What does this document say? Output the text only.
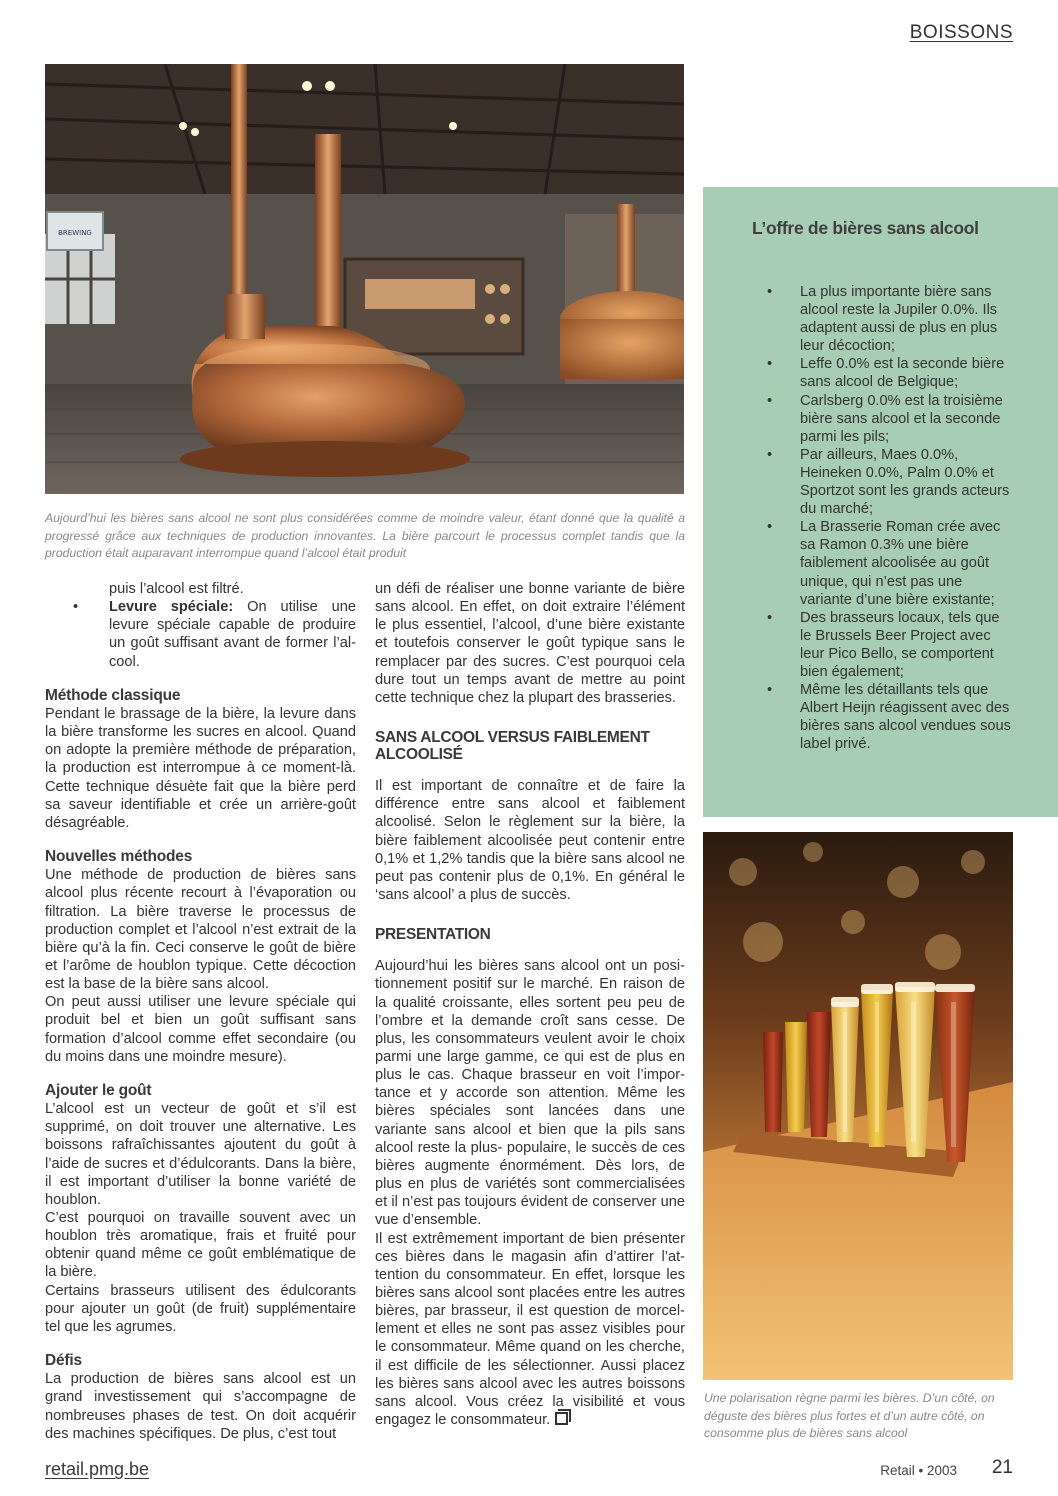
BOISSONS
BREWING
Aujourd’hui les bières sans alcool ne sont plus considérées comme de moindre valeur, étant donné que la qualité a progressé grâce aux techniques de production innovantes. La bière parcourt le processus complet tandis que la production était auparavant interrompue quand l’alcool était produit
puis l’alcool est filtré.
• Levure spéciale: On utilise une levure spéciale capable de produire un goût suffisant avant de former l’alcool.
Méthode classique

Pendant le brassage de la bière, la levure dans la bière transforme les sucres en alcool. Quand on adopte la première méthode de préparation, la production est interrompue à ce moment-là. Cette technique désuète fait que la bière perd sa saveur identifiable et crée un arrière-goût désagréable.

Nouvelles méthodes

Une méthode de production de bières sans alcool plus récente recourt à l’évaporation ou filtration. La bière traverse le processus de production complet et l’alcool n’est extrait de la bière qu’à la fin. Ceci conserve le goût de bière et l’arôme de houblon typique. Cette décoction est la base de la bière sans alcool.

On peut aussi utiliser une levure spéciale qui produit bel et bien un goût suffisant sans formation d’alcool comme effet secondaire (ou du moins dans une moindre mesure).

Ajouter le goût

L’alcool est un vecteur de goût et s’il est supprimé, on doit trouver une alternative. Les boissons rafraîchissantes ajoutent du goût à l’aide de sucres et d’édulcorants. Dans la bière, il est important d’utiliser la bonne variété de houblon.

C’est pourquoi on travaille souvent avec un houblon très aromatique, frais et fruité pour obtenir quand même ce goût emblématique de la bière.

Certains brasseurs utilisent des édulcorants pour ajouter un goût (de fruit) supplémentaire tel que les agrumes.

Défis

La production de bières sans alcool est un grand investissement qui s’accompagne de nombreuses phases de test. On doit acquérir des machines spécifiques. De plus, c’est tout

un défi de réaliser une bonne variante de bière sans alcool. En effet, on doit extraire l’élément le plus essentiel, l’alcool, d’une bière existante et toutefois conserver le goût typique sans le remplacer par des sucres. C’est pourquoi cela dure tout un temps avant de mettre au point cette technique chez la plupart des brasseries.

SANS ALCOOL VERSUS FAIBLEMENT ALCOOLISÉ

Il est important de connaître et de faire la différence entre sans alcool et faiblement alcoolisé. Selon le règlement sur la bière, la bière faiblement alcoolisée peut contenir entre 0,1% et 1,2% tandis que la bière sans alcool ne peut pas contenir plus de 0,1%. En général le ‘sans alcool’ a plus de succès.

PRESENTATION

Aujourd’hui les bières sans alcool ont un positionnement positif sur le marché. En raison de la qualité croissante, elles sortent peu peu de l’ombre et la demande croît sans cesse. De plus, les consommateurs veulent avoir le choix parmi une large gamme, ce qui est de plus en plus le cas. Chaque brasseur en voit l’importance et y accorde son attention. Même les bières spéciales sont lancées dans une variante sans alcool et bien que la pils sans alcool reste la plus- populaire, le succès de ces bières augmente énormément. Dès lors, de plus en plus de variétés sont commercialisées et il n’est pas toujours évident de conserver une vue d’ensemble.

Il est extrêmement important de bien présenter ces bières dans le magasin afin d’attirer l’attention du consommateur. En effet, lorsque les bières sans alcool sont placées entre les autres bières, par brasseur, il est question de morcellement et elles ne sont pas assez visibles pour le consommateur. Même quand on les cherche, il est difficile de les sélectionner. Aussi placez les bières sans alcool avec les autres boissons sans alcool. Vous créez la visibilité et vous engagez le consommateur.

L’offre de bières sans alcool
• La plus importante bière sans alcool reste la Jupiler 0.0%. Ils adaptent aussi de plus en plus leur décoction;
• Leffe 0.0% est la seconde bière sans alcool de Belgique;
• Carlsberg 0.0% est la troisième bière sans alcool et la seconde parmi les pils;
• Par ailleurs, Maes 0.0%, Heineken 0.0%, Palm 0.0% et Sportzot sont les grands acteurs du marché;
• La Brasserie Roman crée avec sa Ramon 0.3% une bière faiblement alcoolisée au goût unique, qui n’est pas une variante d’une bière existante;
• Des brasseurs locaux, tels que le Brussels Beer Project avec leur Pico Bello, se comportent bien également;
• Même les détaillants tels que Albert Heijn réagissent avec des bières sans alcool vendues sous label privé.
Une polarisation règne parmi les bières. D’un côté, on déguste des bières plus fortes et d’un autre côté, on consomme plus de bières sans alcool
retail.pmg.be	Retail • 2003 21
